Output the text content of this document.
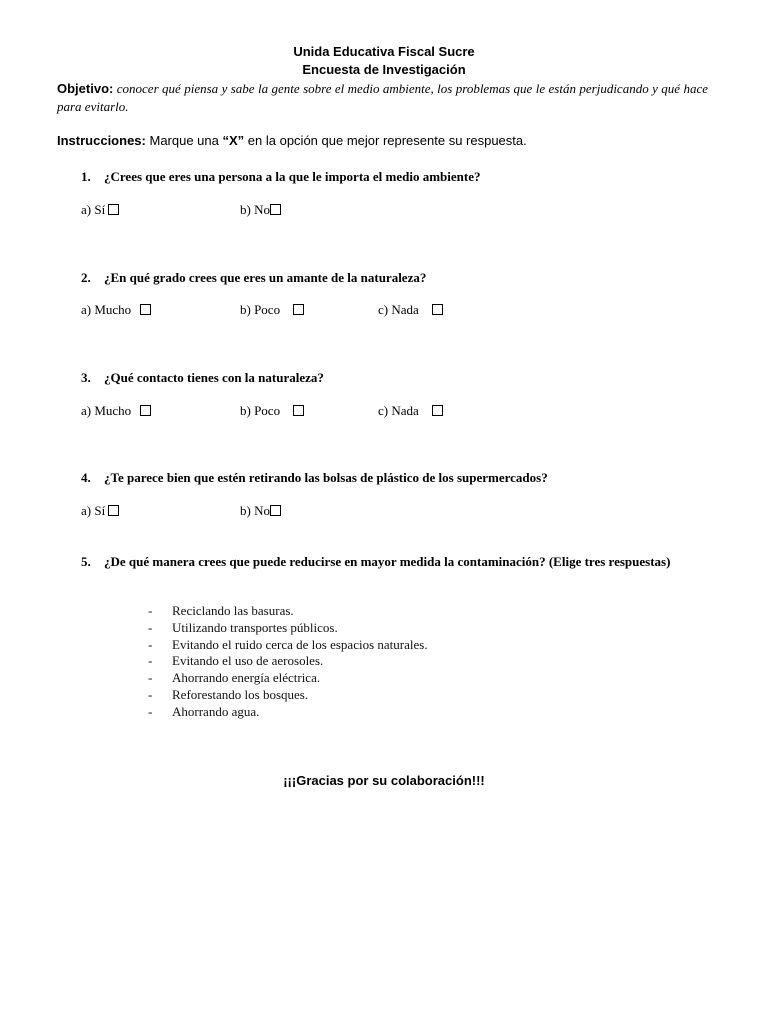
Unida Educativa Fiscal Sucre
Encuesta de Investigación
Objetivo: conocer qué piensa y sabe la gente sobre el medio ambiente, los problemas que le están perjudicando y qué hace para evitarlo.
Instrucciones: Marque una “X” en la opción que mejor represente su respuesta.
1. ¿Crees que eres una persona a la que le importa el medio ambiente?
a) Sí	b) No
2. ¿En qué grado crees que eres un amante de la naturaleza?
a) Mucho	b) Poco	c) Nada
3. ¿Qué contacto tienes con la naturaleza?
a) Mucho	b) Poco	c) Nada
4. ¿Te parece bien que estén retirando las bolsas de plástico de los supermercados?
a) Sí	b) No
5. ¿De qué manera crees que puede reducirse en mayor medida la contaminación? (Elige tres respuestas)
- Reciclando las basuras.
- Utilizando transportes públicos.
- Evitando el ruido cerca de los espacios naturales.
- Evitando el uso de aerosoles.
- Ahorrando energía eléctrica.
- Reforestando los bosques.
- Ahorrando agua.
¡¡¡Gracias por su colaboración!!!
